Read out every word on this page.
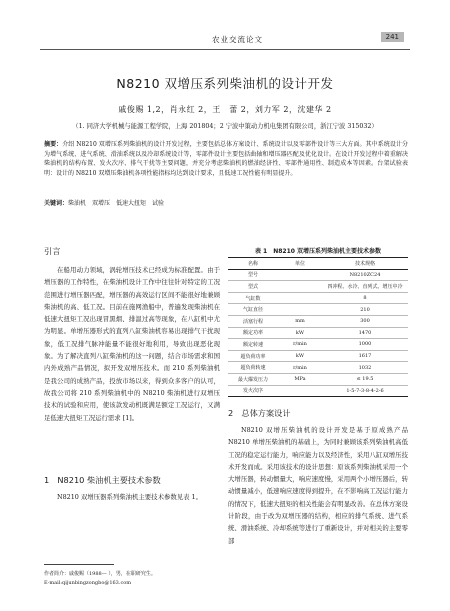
农业交流论文	241
N8210 双增压系列柴油机的设计开发
戚俊赐 1,2，肖永红 2，王　蕾 2，刘力军 2，沈建华 2
（1. 同济大学机械与能源工程学院，上海 201804；2 宁波中策动力机电集团有限公司，浙江宁波 315032）
摘要：介绍 N8210 双增压系列柴油机的设计开发过程，主要包括总体方案设计、系统设计以及零部件设计等三大方面。其中系统设计分为增气系统、进气系统、滑油系统以及冷却系统设计等，零部件设计主要包括曲轴和增压器匹配及优化设计。在设计开发过程中着重解决柴油机的结构布置、发火次序、排气干扰等主要问题，并充分考虑柴油机的燃油经济性、零部件通用性、制造成本等因素。台架试验表明：设计的 N8210 双增压柴油机各项性能指标均达到设计要求，且低速工况性能有明显提升。
关键词：柴油机　双增压　低速大扭矩　试验
引言
在船用动力领域，涡轮增压技术已经成为标准配置。由于增压器的工作特性，在柴油机设计工作中往往针对特定的工况范围进行增压器匹配，增压器的高效运行区间不能很好地兼顾柴油机的高、低工况。目前在施网渔船中，普遍发现柴油机在低速大扭矩工况出现冒黑烟、排温过高等现象，在八缸机中尤为明显。单增压器形式的直列八缸柴油机容易出现排气干扰现象，低工况排气脉冲能量不能很好地利用，导致出现恶化现象。为了解决直列八缸柴油机的这一问题，结合市场需求和国内外成熟产品情况，拟开发双增压技术。而 210 系列柴油机是我公司的成熟产品，投放市场以来，得到众多客户的认可，故我公司将 210 系列柴油机中的 N8210 柴油机进行双增压技术的试验和应用，使该款发动机既满足额定工况运行，又满足低速大扭矩工况运行需求 [1]。
1　N8210 柴油机主要技术参数
N8210 双增压器系列柴油机主要技术参数见表 1。
表 1　N8210 双增压系列柴油机主要技术参数
名称	单位	技术规格
型号		N8210ZC24
型式		四冲程、水冷、直列式、增压中冷
气缸数		8
气缸直径		210
活塞行程	mm	300
额定功率	kW	1470
额定转速	r/min	1000
超负荷功率	kW	1617
超负荷转速	r/min	1032
最大爆发压力	MPa	≤ 19.5
发火次序		1-5-7-3-8-4-2-6
2　总体方案设计
N8210 双增压柴油机的设计开发是基于原成熟产品 N8210 单增压柴油机的基础上，为同时兼顾该系列柴油机高低工况的稳定运行能力，响应能力以及经济性，采用八缸双增压技术开发而成。采用该技术的设计思想：原该系列柴油机采用一个大增压器，转动惯量大，响应速度慢，采用两个小增压器后，转动惯量减小，低速响应速度得到提升，在不影响高工况运行能力的情况下，低速大扭矩的相关性能会有明显改善。在总体方案设计阶段，由于改为双增压器的结构，相应的排气系统、进气系统、滑油系统、冷却系统等进行了重新设计，并对相关的主要零部
作者简介：戚俊赐（1988— ），男，在职研究生。
E-mail:qijunbingzongbo@163.com
